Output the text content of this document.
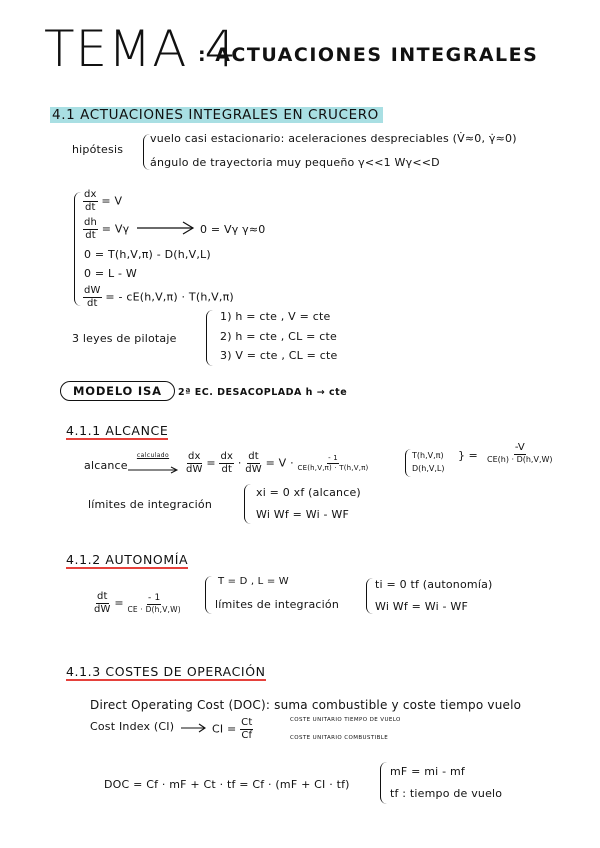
TEMA 4
: ACTUACIONES INTEGRALES
4.1 ACTUACIONES INTEGRALES EN CRUCERO
hipótesis
vuelo casi estacionario: aceleraciones despreciables (V̇≈0, γ̇≈0)
ángulo de trayectoria muy pequeño γ<<1 Wγ<<D
$\frac{dx}{dt} = V$
$\frac{dh}{dt} = V\gamma$	0 = Vγ γ≈0
0 = T(h,V,π) - D(h,V,L)
0 = L - W
$\frac{dW}{dt}$ = - cE(h,V,π) · T(h,V,π)
3 leyes de pilotaje
1) h = cte , V = cte
2) h = cte , CL = cte
3) V = cte , CL = cte
MODELO ISA	2ª EC. DESACOPLADA h → cte
4.1.1 ALCANCE
alcance
calculado	$\frac{dx}{dW} = \frac{dx}{dt} \cdot \frac{dt}{dW} = V \cdot \frac{- 1}{CE(h,V,\pi) \cdot T(h,V,\pi)}$	T(h,V,π)
D(h,V,L)
} = $\frac{-V}{CE(h) \cdot D(h,V,W)}$
límites de integración
xi = 0 xf (alcance)
Wi Wf = Wi - WF
4.1.2 AUTONOMÍA
$\frac{dt}{dW} = \frac{- 1}{CE \cdot D(h,V,W)}$
T = D , L = W
límites de integración
ti = 0 tf (autonomía)
Wi Wf = Wi - WF
4.1.3 COSTES DE OPERACIÓN
Direct Operating Cost (DOC): suma combustible y coste tiempo vuelo
Cost Index (CI)	CI = $\frac{Ct}{Cf}$	COSTE UNITARIO TIEMPO DE VUELO
COSTE UNITARIO COMBUSTIBLE
DOC = Cf · mF + Ct · tf = Cf · (mF + CI · tf)
mF = mi - mf
tf : tiempo de vuelo
